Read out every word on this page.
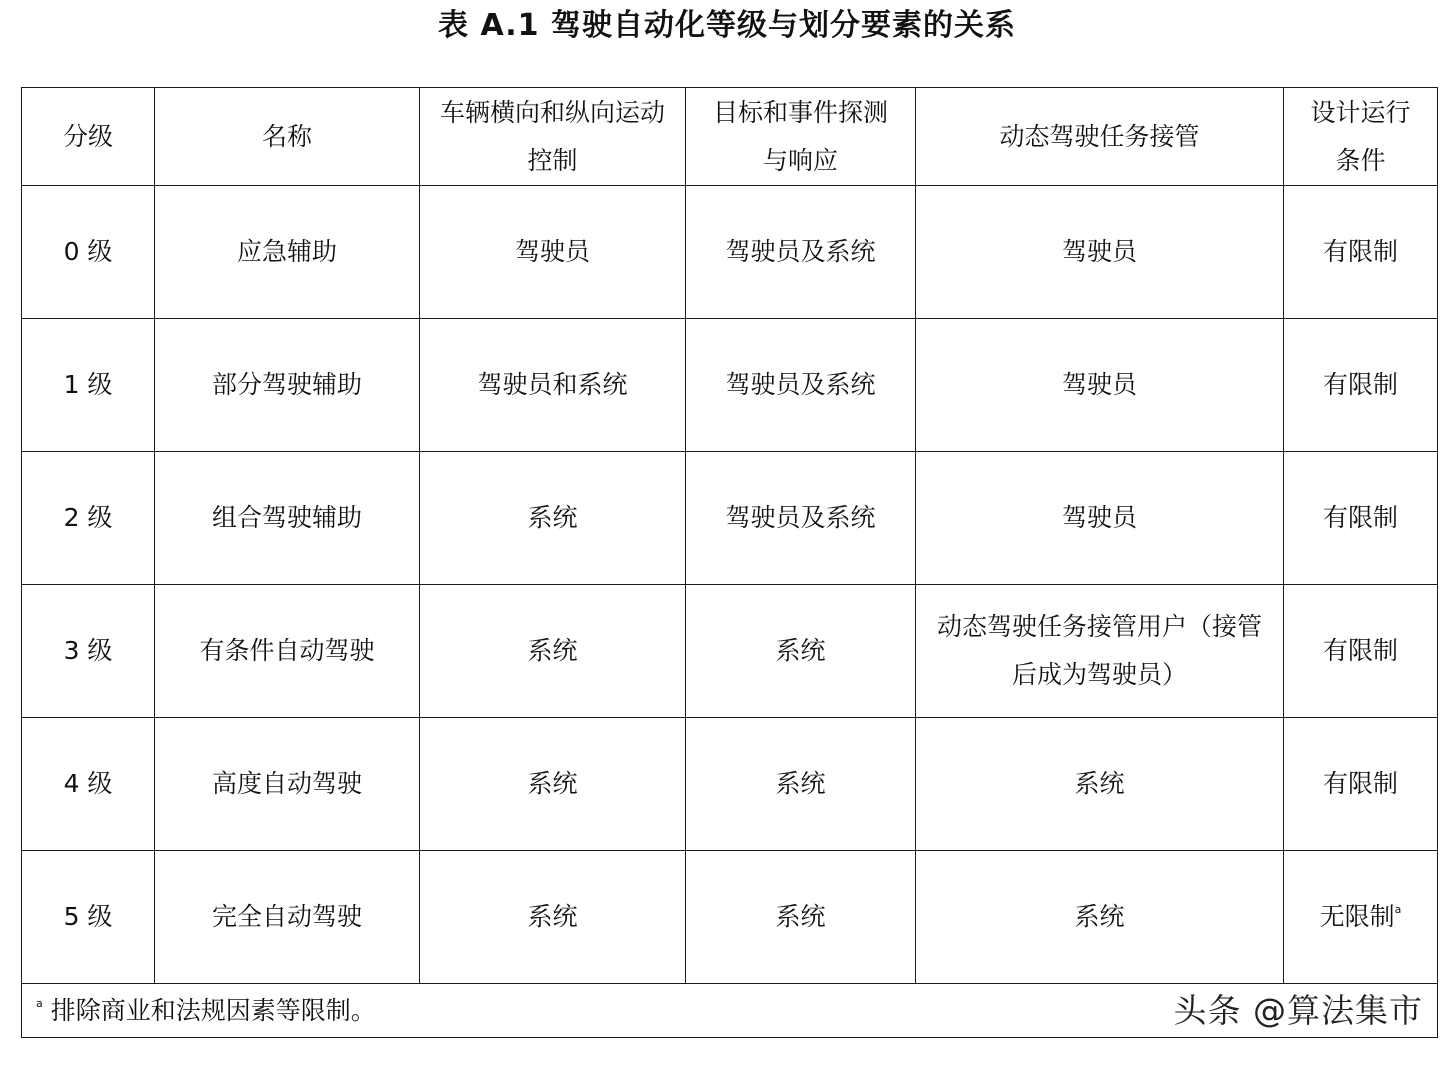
表 A.1 驾驶自动化等级与划分要素的关系
分级	名称	车辆横向和纵向运动控制	目标和事件探测与响应	动态驾驶任务接管	设计运行条件
0 级	应急辅助	驾驶员	驾驶员及系统	驾驶员	有限制
1 级	部分驾驶辅助	驾驶员和系统	驾驶员及系统	驾驶员	有限制
2 级	组合驾驶辅助	系统	驾驶员及系统	驾驶员	有限制
3 级	有条件自动驾驶	系统	系统	动态驾驶任务接管用户（接管后成为驾驶员）	有限制
4 级	高度自动驾驶	系统	系统	系统	有限制
5 级	完全自动驾驶	系统	系统	系统	无限制$^a$
$^a$ 排除商业和法规因素等限制。 头条 @算法集市					
